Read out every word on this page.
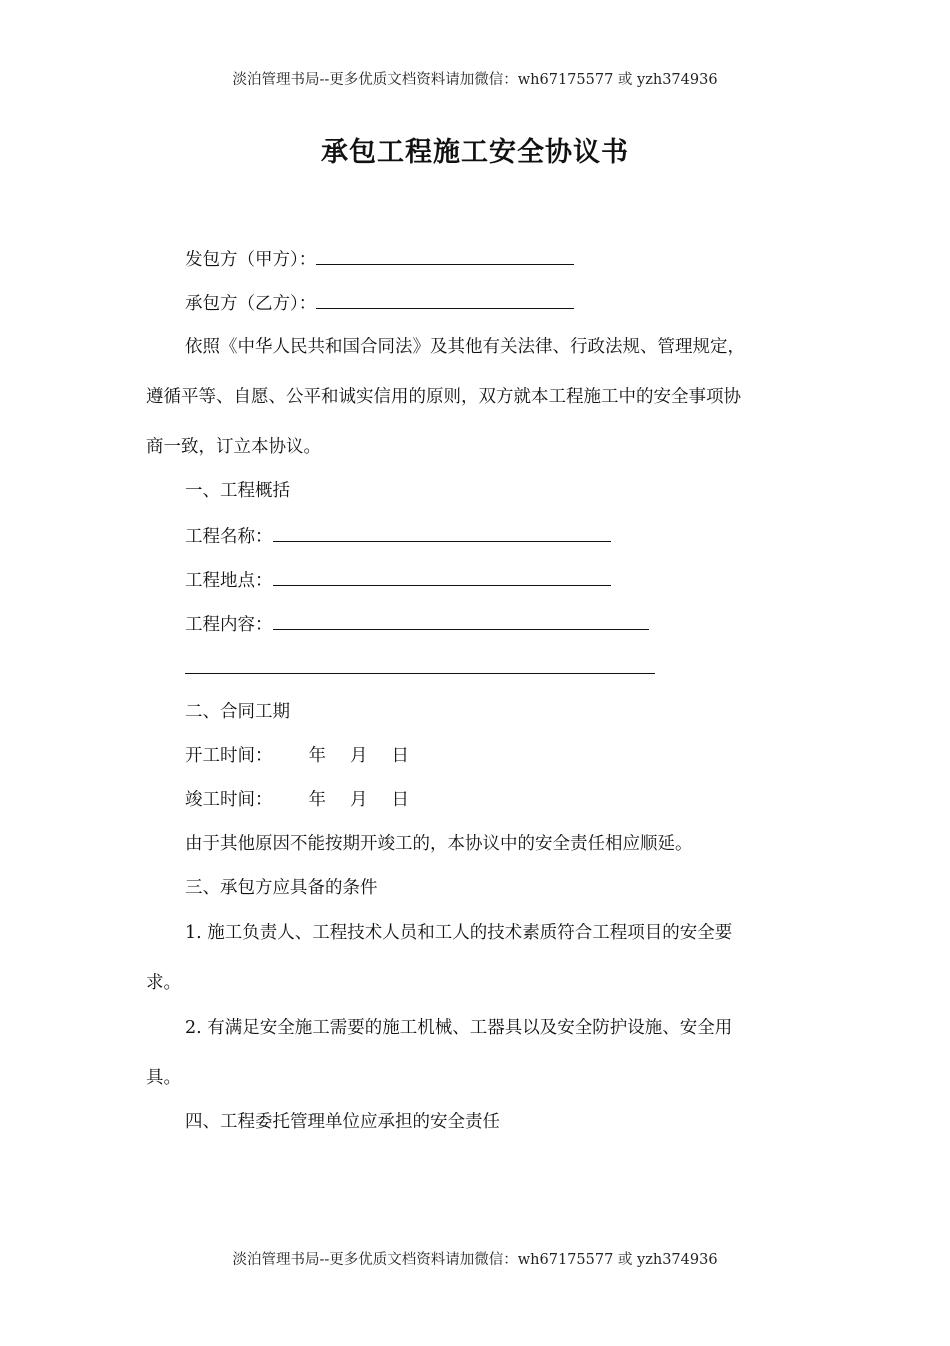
淡泊管理书局--更多优质文档资料请加微信：wh67175577 或 yzh374936
承包工程施工安全协议书
发包方（甲方）：
承包方（乙方）：
依照《中华人民共和国合同法》及其他有关法律、行政法规、管理规定，
遵循平等、自愿、公平和诚实信用的原则，双方就本工程施工中的安全事项协
商一致，订立本协议。
一、工程概括
工程名称：
工程地点：
工程内容：
二、合同工期
开工时间： 年 月 日
竣工时间： 年 月 日
由于其他原因不能按期开竣工的，本协议中的安全责任相应顺延。
三、承包方应具备的条件
1. 施工负责人、工程技术人员和工人的技术素质符合工程项目的安全要
求。
2. 有满足安全施工需要的施工机械、工器具以及安全防护设施、安全用
具。
四、工程委托管理单位应承担的安全责任
淡泊管理书局--更多优质文档资料请加微信：wh67175577 或 yzh374936
